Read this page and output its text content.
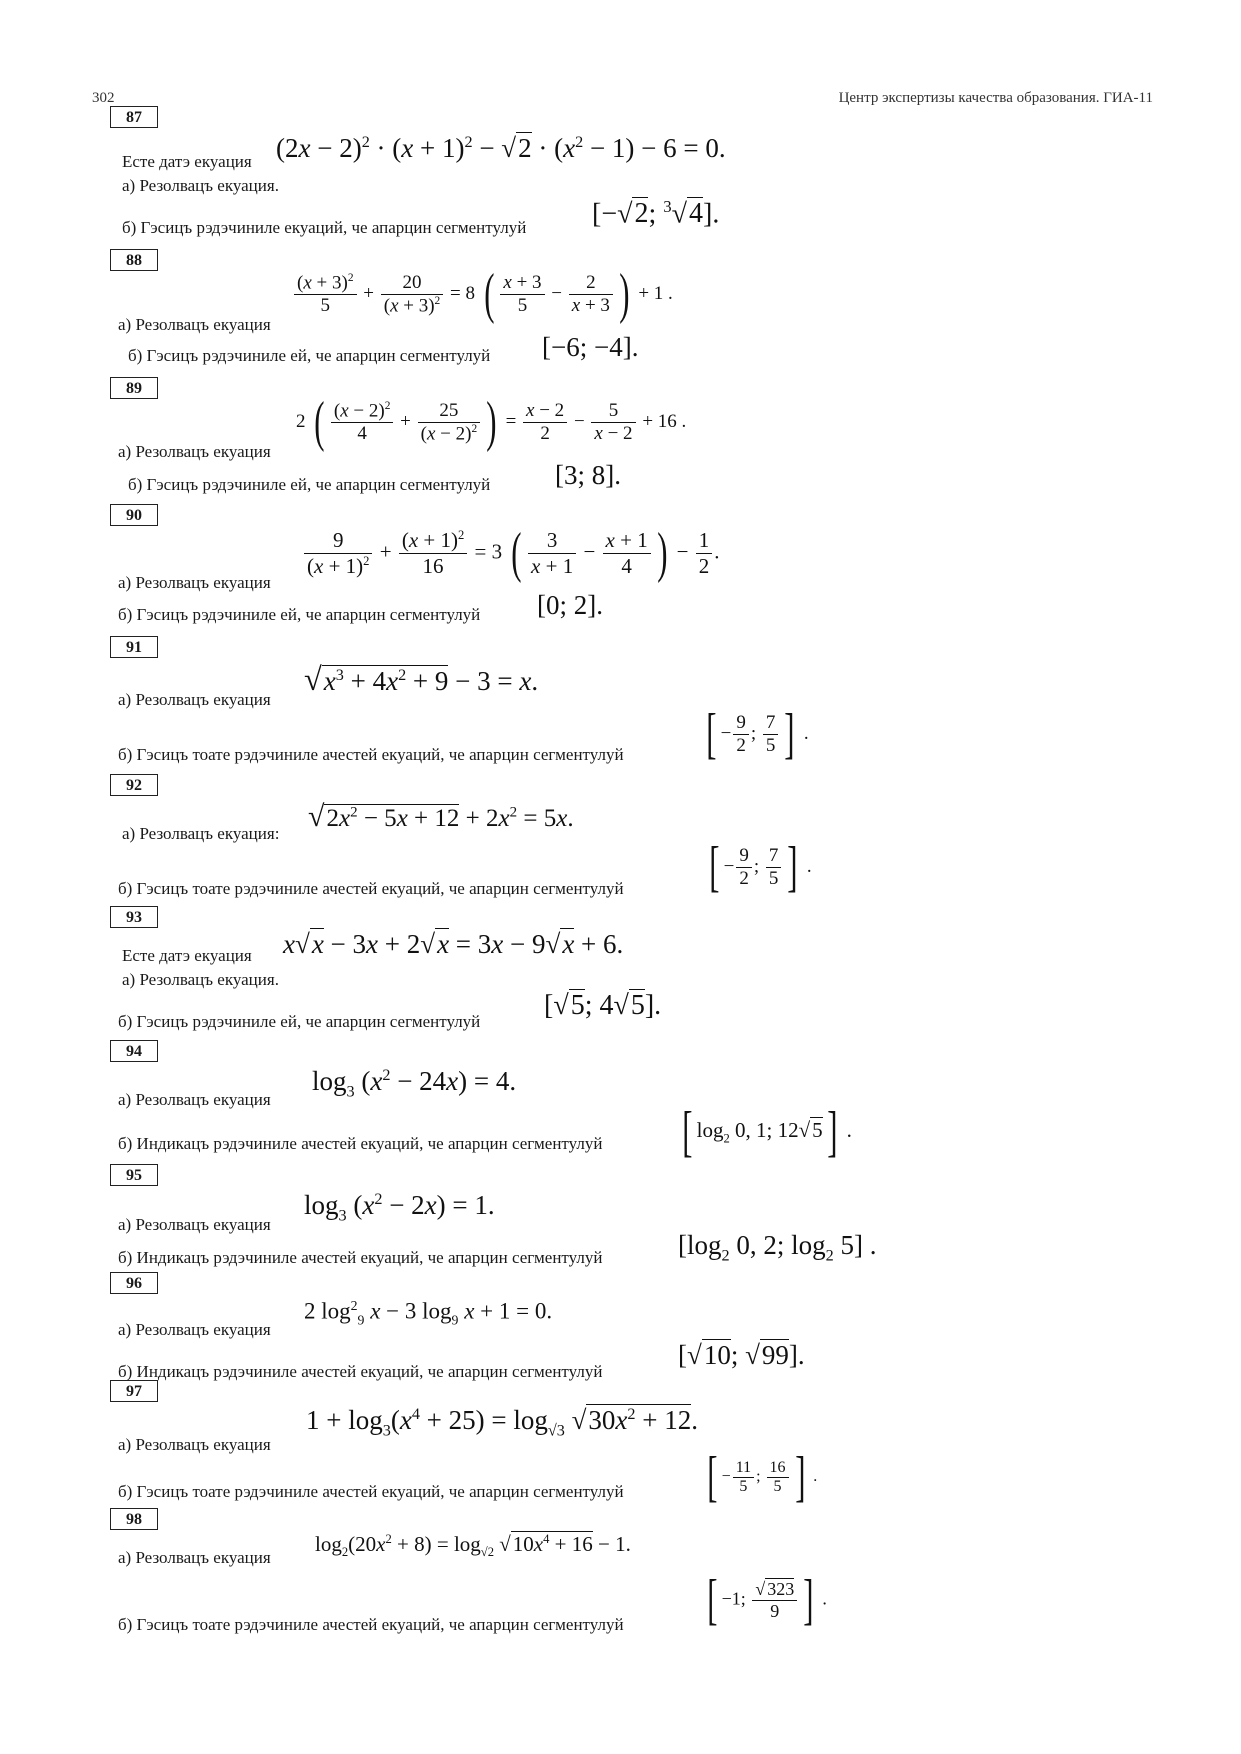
302	Центр экспертизы качества образования. ГИА-11
87
Есте датэ екуация $(2x - 2)^2 \cdot (x + 1)^2 - √2 \cdot (x^2 - 1) - 6 = 0$.
а) Резолвацъ екуация.
б) Гэсицъ рэдэчиниле екуаций, че апарцин сегментулуй [−√2; $^3$√4].
88
$\frac{(x + 3)^2}{5} + \frac{20}{(x + 3)^2} = 8$ ( $\frac{x + 3}{5} - \frac{2}{x + 3}$ ) + 1 .
а) Резолвацъ екуация
б) Гэсицъ рэдэчиниле ей, че апарцин сегментулуй [−6; −4].
89
2 ( $\frac{(x - 2)^2}{4} + \frac{25}{(x - 2)^2}$ ) = $\frac{x - 2}{2} - \frac{5}{x - 2} + 16$ .
а) Резолвацъ екуация
б) Гэсицъ рэдэчиниле ей, че апарцин сегментулуй [3; 8].
90
$\frac{9}{(x + 1)^2} + \frac{(x + 1)^2}{16} = 3$ ( $\frac{3}{x + 1} - \frac{x + 1}{4}$ ) − $\frac{1}{2}$ .
а) Резолвацъ екуация
б) Гэсицъ рэдэчиниле ей, че апарцин сегментулуй [0; 2].
91
$√x^3 + 4x^2 + 9 - 3 = x$.
а) Резолвацъ екуация
б) Гэсицъ тоате рэдэчиниле ачестей екуаций, че апарцин сегментулуй [ − $\frac{9}{2}$ ; $\frac{7}{5}$ ] .
92
$√2x^2 - 5x + 12 + 2x^2 = 5x$.
а) Резолвацъ екуация:
б) Гэсицъ тоате рэдэчиниле ачестей екуаций, че апарцин сегментулуй [ − $\frac{9}{2}$ ; $\frac{7}{5}$ ] .
93
Есте датэ екуация x√x − 3x + 2√x = 3x − 9√x + 6.
а) Резолвацъ екуация.
б) Гэсицъ рэдэчиниле ей, че апарцин сегментулуй
[√5; 4√5].
94
$\log_3 (x^2 - 24x) = 4$.
а) Резолвацъ екуация
б) Индикацъ рэдэчиниле ачестей екуаций, че апарцин сегментулуй [ $\log_2 0$, 1; 12√5] .
95
$\log_3 (x^2 - 2x) = 1$.
а) Резолвацъ екуация
б) Индикацъ рэдэчиниле ачестей екуаций, че апарцин сегментулуй	[$\log_2$ 0, 2; $\log_2 5$] .
96
2 $\log^2_9 x - 3$ $\log_9 x + 1 = 0$.
а) Резолвацъ екуация
б) Индикацъ рэдэчиниле ачестей екуаций, че апарцин сегментулуй
[√10; √99].
97
$1 + \log_3(x^4 + 25) = \log_{√3} √30x^2 + 12$.
а) Резолвацъ екуация
б) Гэсицъ тоате рэдэчиниле ачестей екуаций, че апарцин сегментулуй [ − $\frac{11}{5}$ ; $\frac{16}{5}$ ] .
98
$\log_2(20x^2 + 8) = \log_{√2} √10x^4 + 16 - 1$.
а) Резолвацъ екуация
б) Гэсицъ тоате рэдэчиниле ачестей екуаций, че апарцин сегментулуй [ −1; $\frac{√ 323}{9}$ ] .
